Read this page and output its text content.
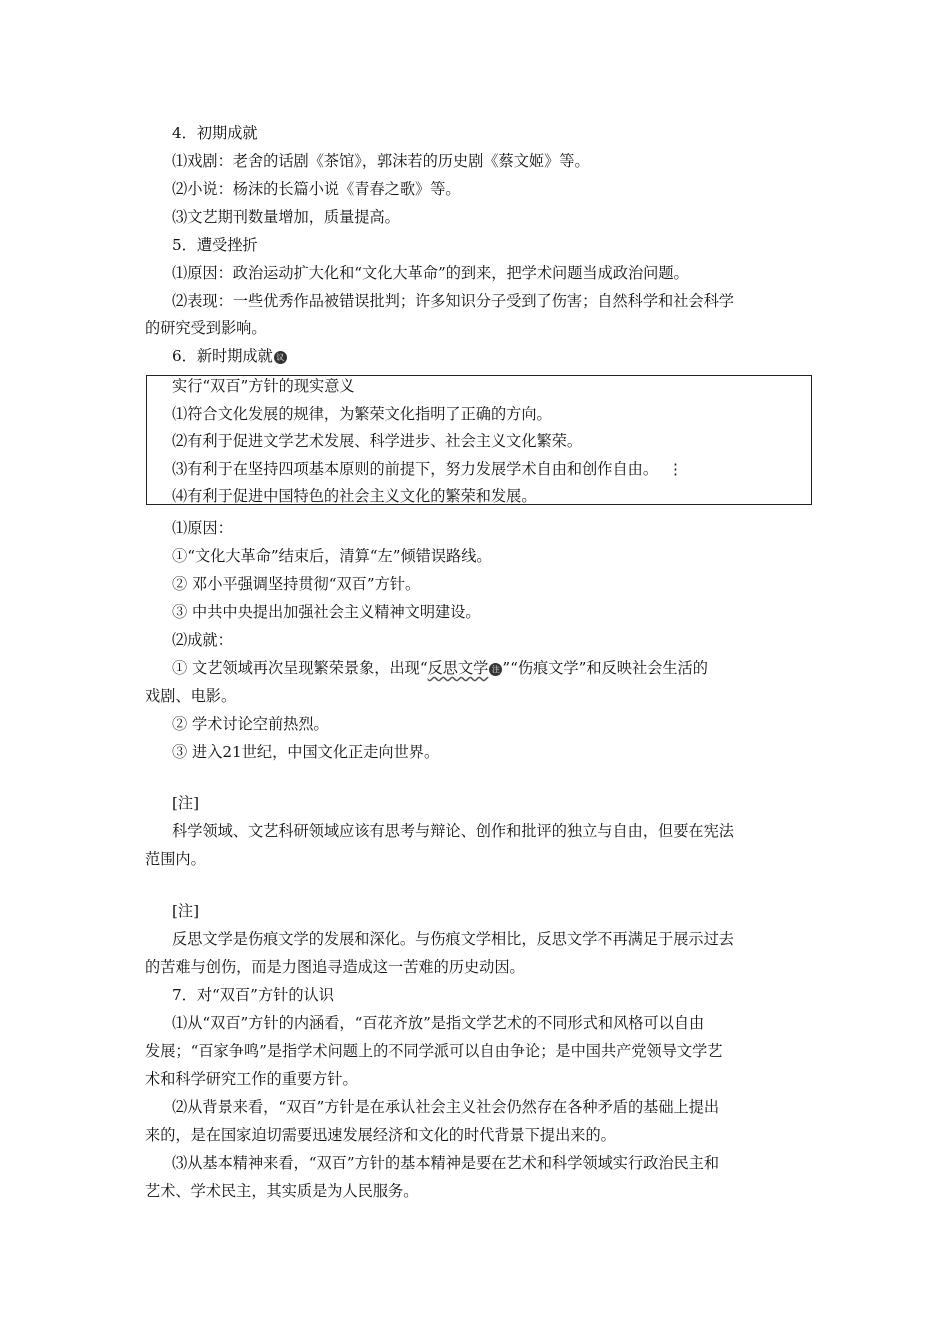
4．初期成就
⑴戏剧：老舍的话剧《茶馆》，郭沫若的历史剧《蔡文姬》等。
⑵小说：杨沫的长篇小说《青春之歌》等。
⑶文艺期刊数量增加，质量提高。
5．遭受挫折
⑴原因：政治运动扩大化和“文化大革命”的到来，把学术问题当成政治问题。
⑵表现：一些优秀作品被错误批判；许多知识分子受到了伤害；自然科学和社会科学
的研究受到影响。
6．新时期成就 议
实行“双百”方针的现实意义
⑴符合文化发展的规律，为繁荣文化指明了正确的方向。
⑵有利于促进文学艺术发展、科学进步、社会主义文化繁荣。
⑶有利于在坚持四项基本原则的前提下，努力发展学术自由和创作自由。 ⋮
⑷有利于促进中国特色的社会主义文化的繁荣和发展。
⑴原因：
①“文化大革命”结束后，清算“左”倾错误路线。
② 邓小平强调坚持贯彻“双百”方针。
③ 中共中央提出加强社会主义精神文明建设。
⑵成就：
① 文艺领域再次呈现繁荣景象，出现“反思文学 注 ”“伤痕文学”和反映社会生活的
戏剧、电影。
② 学术讨论空前热烈。
③ 进入21世纪，中国文化正走向世界。
[注]
科学领域、文艺科研领域应该有思考与辩论、创作和批评的独立与自由，但要在宪法
范围内。
[注]
反思文学是伤痕文学的发展和深化。与伤痕文学相比，反思文学不再满足于展示过去
的苦难与创伤，而是力图追寻造成这一苦难的历史动因。
7．对“双百”方针的认识
⑴从“双百”方针的内涵看，“百花齐放”是指文学艺术的不同形式和风格可以自由
发展；“百家争鸣”是指学术问题上的不同学派可以自由争论；是中国共产党领导文学艺
术和科学研究工作的重要方针。
⑵从背景来看，“双百”方针是在承认社会主义社会仍然存在各种矛盾的基础上提出
来的，是在国家迫切需要迅速发展经济和文化的时代背景下提出来的。
⑶从基本精神来看，“双百”方针的基本精神是要在艺术和科学领域实行政治民主和
艺术、学术民主，其实质是为人民服务。
